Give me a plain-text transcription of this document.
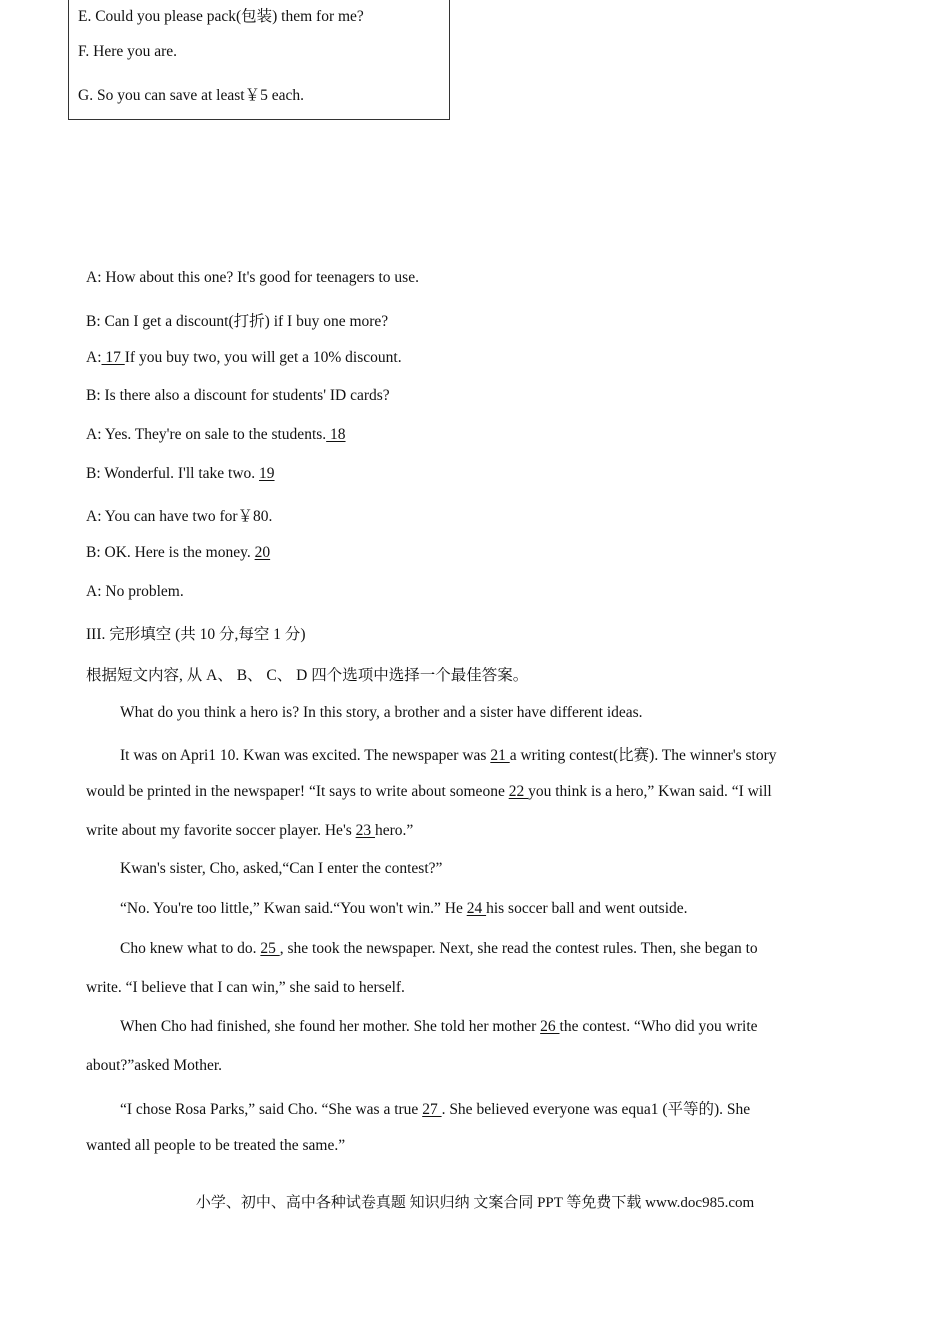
E. Could you please pack(包装) them for me?
F. Here you are.
G. So you can save at least￥5 each.
A: How about this one? It's good for teenagers to use.
B: Can I get a discount(打折) if I buy one more?
A: 17 If you buy two, you will get a 10% discount.
B: Is there also a discount for students' ID cards?
A: Yes. They're on sale to the students. 18
B: Wonderful. I'll take two. 19
A: You can have two for￥80.
B: OK. Here is the money. 20
A: No problem.
III. 完形填空 (共 10 分,每空 1 分)
根据短文内容, 从 A、 B、 C、 D 四个选项中选择一个最佳答案。
What do you think a hero is? In this story, a brother and a sister have different ideas.
It was on Apri1 10. Kwan was excited. The newspaper was 21 a writing contest(比赛). The winner's story
would be printed in the newspaper! “It says to write about someone 22 you think is a hero,” Kwan said. “I will
write about my favorite soccer player. He's 23 hero.”
Kwan's sister, Cho, asked,“Can I enter the contest?”
“No. You're too little,” Kwan said.“You won't win.” He 24 his soccer ball and went outside.
Cho knew what to do. 25 , she took the newspaper. Next, she read the contest rules. Then, she began to
write. “I believe that I can win,” she said to herself.
When Cho had finished, she found her mother. She told her mother 26 the contest. “Who did you write
about?”asked Mother.
“I chose Rosa Parks,” said Cho. “She was a true 27 . She believed everyone was equa1 (平等的). She
wanted all people to be treated the same.”
小学、初中、高中各种试卷真题 知识归纳 文案合同 PPT 等免费下载 www.doc985.com
